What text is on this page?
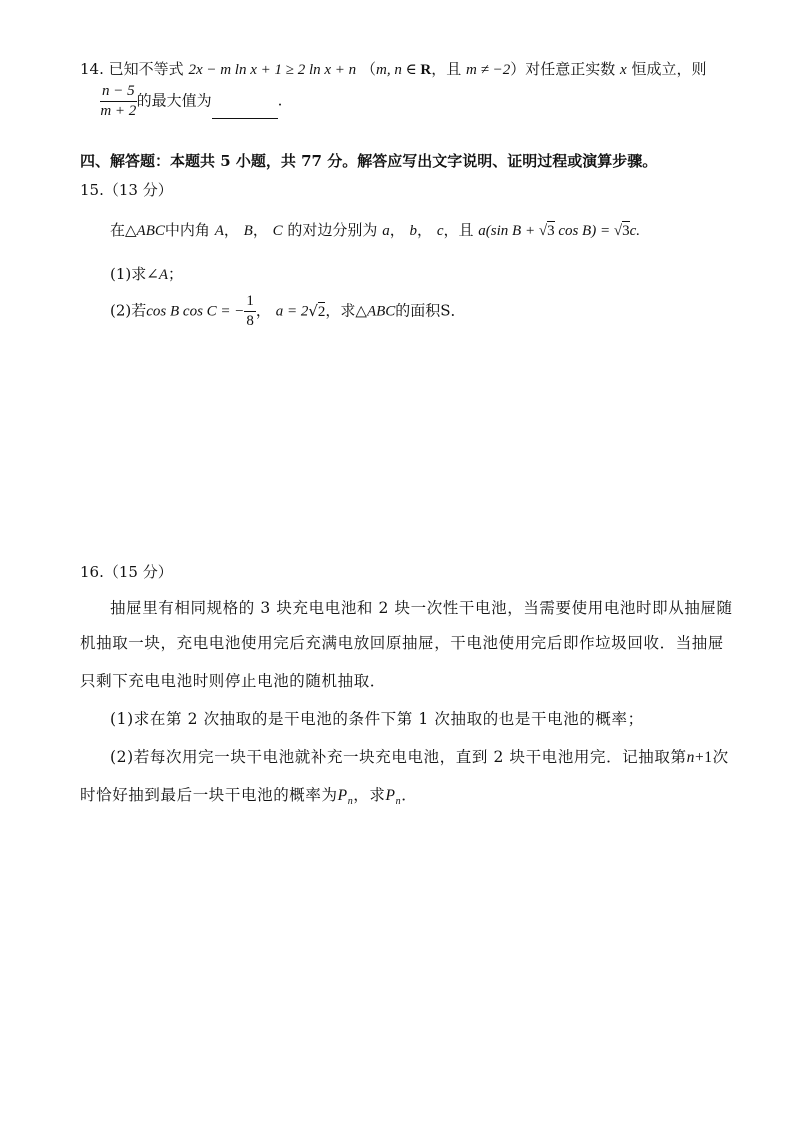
14. 已知不等式 2x − m ln x + 1 ≥ 2 ln x + n （m, n ∈ R，且 m ≠ −2）对任意正实数 x 恒成立，则
$\frac{n - 5}{m + 2}$ 的最大值为	.
四、解答题：本题共 5 小题，共 77 分。解答应写出文字说明、证明过程或演算步骤。
15.（13 分）
在△ABC中内角 A， B， C 的对边分别为 a， b， c，且 a(sin B + √3 cos B) = √3c.
(1)求∠A；
(2)若cos B cos C = − $\frac{1}{8}$ ， a = 2√2，求△ABC的面积S．
16.（15 分）
抽屉里有相同规格的 3 块充电电池和 2 块一次性干电池，当需要使用电池时即从抽屉随
机抽取一块，充电电池使用完后充满电放回原抽屉，干电池使用完后即作垃圾回收．当抽屉
只剩下充电电池时则停止电池的随机抽取．
(1)求在第 2 次抽取的是干电池的条件下第 1 次抽取的也是干电池的概率；
(2)若每次用完一块干电池就补充一块充电电池，直到 2 块干电池用完．记抽取第n+1次
时恰好抽到最后一块干电池的概率为$P_n$，求$P_n$．
